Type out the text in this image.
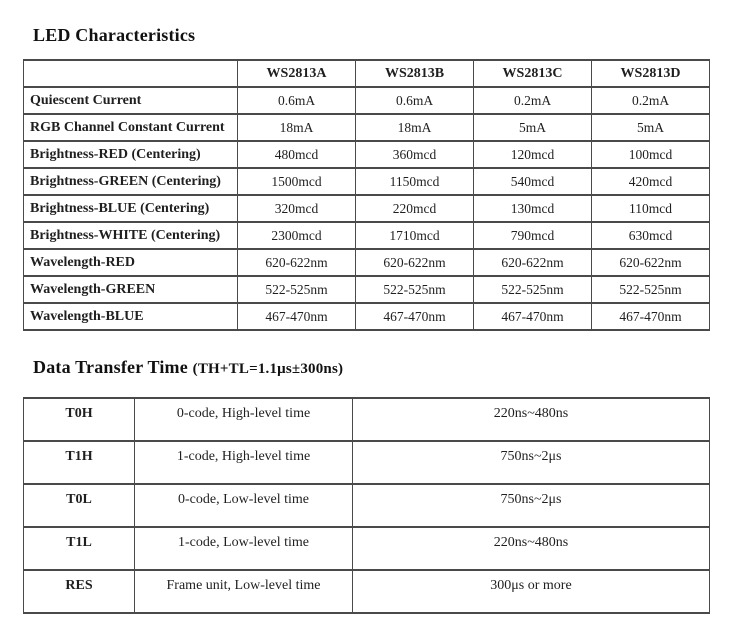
LED Characteristics
	WS2813A	WS2813B	WS2813C	WS2813D
Quiescent Current	0.6mA	0.6mA	0.2mA	0.2mA
RGB Channel Constant Current	18mA	18mA	5mA	5mA
Brightness-RED (Centering)	480mcd	360mcd	120mcd	100mcd
Brightness-GREEN (Centering)	1500mcd	1150mcd	540mcd	420mcd
Brightness-BLUE (Centering)	320mcd	220mcd	130mcd	110mcd
Brightness-WHITE (Centering)	2300mcd	1710mcd	790mcd	630mcd
Wavelength-RED	620-622nm	620-622nm	620-622nm	620-622nm
Wavelength-GREEN	522-525nm	522-525nm	522-525nm	522-525nm
Wavelength-BLUE	467-470nm	467-470nm	467-470nm	467-470nm
Data Transfer Time (TH+TL=1.1μs±300ns)
T0H	0-code, High-level time	220ns~480ns
T1H	1-code, High-level time	750ns~2μs
T0L	0-code, Low-level time	750ns~2μs
T1L	1-code, Low-level time	220ns~480ns
RES	Frame unit, Low-level time	300μs or more
